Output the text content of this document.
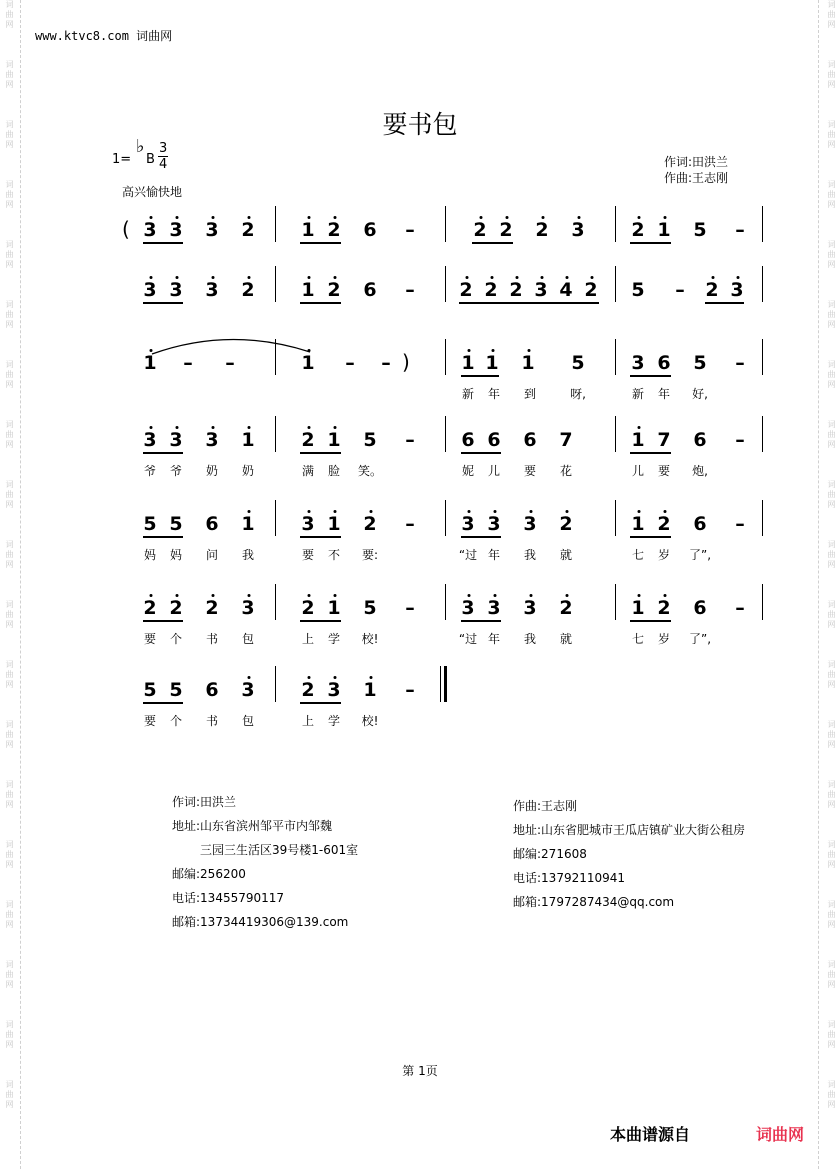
词曲网
词曲网
词曲网
词曲网
词曲网
词曲网
词曲网
词曲网
词曲网
词曲网
词曲网
词曲网
词曲网
词曲网
词曲网
词曲网
词曲网
词曲网
词曲网
词曲网
词曲网
词曲网
词曲网
词曲网
词曲网
词曲网
词曲网
词曲网
词曲网
词曲网
词曲网
词曲网
词曲网
词曲网
词曲网
词曲网
词曲网
词曲网
www.ktvc8.com 词曲网
要书包
1=
♭
B $\frac{3}{4}$
高兴愉快地
作词:田洪兰
作曲:王志刚
3 3 3 2 1 2 6 –	2 2 2 3 2 1 5 –
3 3 3 2 1 2 6 – 2 2 2 3 4 2 5 – 2 3
1 – –	1 – –	1 1 1 5 3 6 5 –
新 年 到	呀,	新 年 好,
3 3 3 1 2 1 5 – 6 6 6 7	1 7 6 –
爷 爷 奶 奶	满 脸 笑。	妮 儿 要 花	儿 要 炮,
5 5 6 1 3 1 2 – 3 3 3 2	1 2 6 –
妈 妈 问 我	要 不 要:	“过 年 我 就	七 岁 了”,
2 2 2 3 2 1 5 – 3 3 3 2	1 2 6 –
要 个 书 包	上 学 校!	“过 年 我 就	七 岁 了”,
5 5 6 3 2 3 1 –
要 个 书 包	上 学 校!
(
)
作词:田洪兰
地址:山东省滨州邹平市内邹魏
三园三生活区39号楼1-601室
邮编:256200
电话:13455790117
邮箱:13734419306@139.com
作曲:王志刚
地址:山东省肥城市王瓜店镇矿业大街公租房
邮编:271608
电话:13792110941
邮箱:1797287434@qq.com
第 1页
本曲谱源自	词曲网
